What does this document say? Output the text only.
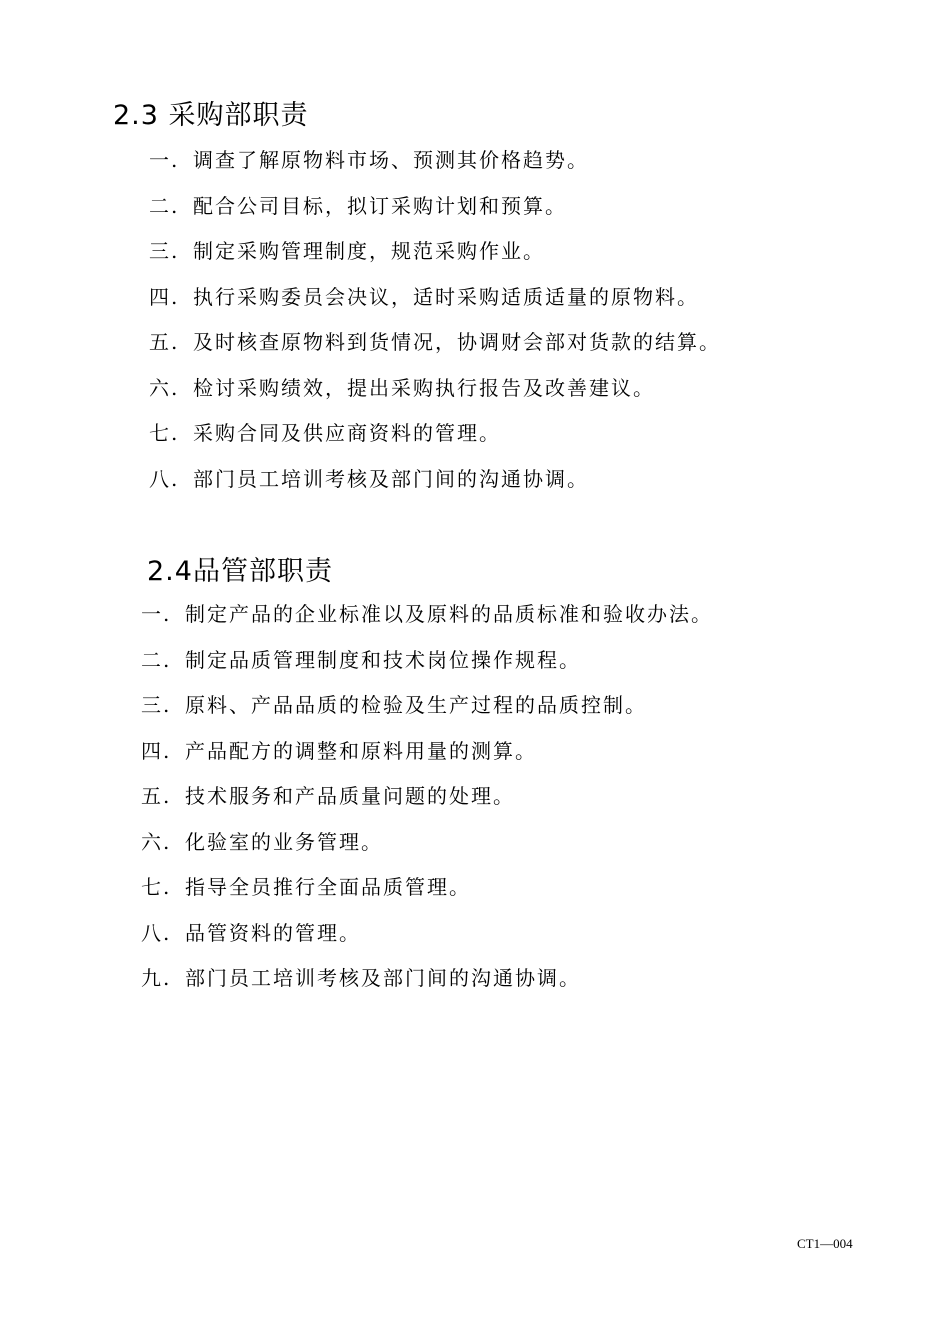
2.3 采购部职责
一. 调查了解原物料市场、预测其价格趋势。
二. 配合公司目标，拟订采购计划和预算。
三. 制定采购管理制度，规范采购作业。
四. 执行采购委员会决议，适时采购适质适量的原物料。
五. 及时核查原物料到货情况，协调财会部对货款的结算。
六. 检讨采购绩效，提出采购执行报告及改善建议。
七. 采购合同及供应商资料的管理。
八. 部门员工培训考核及部门间的沟通协调。
2.4品管部职责
一. 制定产品的企业标准以及原料的品质标准和验收办法。
二. 制定品质管理制度和技术岗位操作规程。
三. 原料、产品品质的检验及生产过程的品质控制。
四. 产品配方的调整和原料用量的测算。
五. 技术服务和产品质量问题的处理。
六. 化验室的业务管理。
七. 指导全员推行全面品质管理。
八. 品管资料的管理。
九. 部门员工培训考核及部门间的沟通协调。
CT1—004
